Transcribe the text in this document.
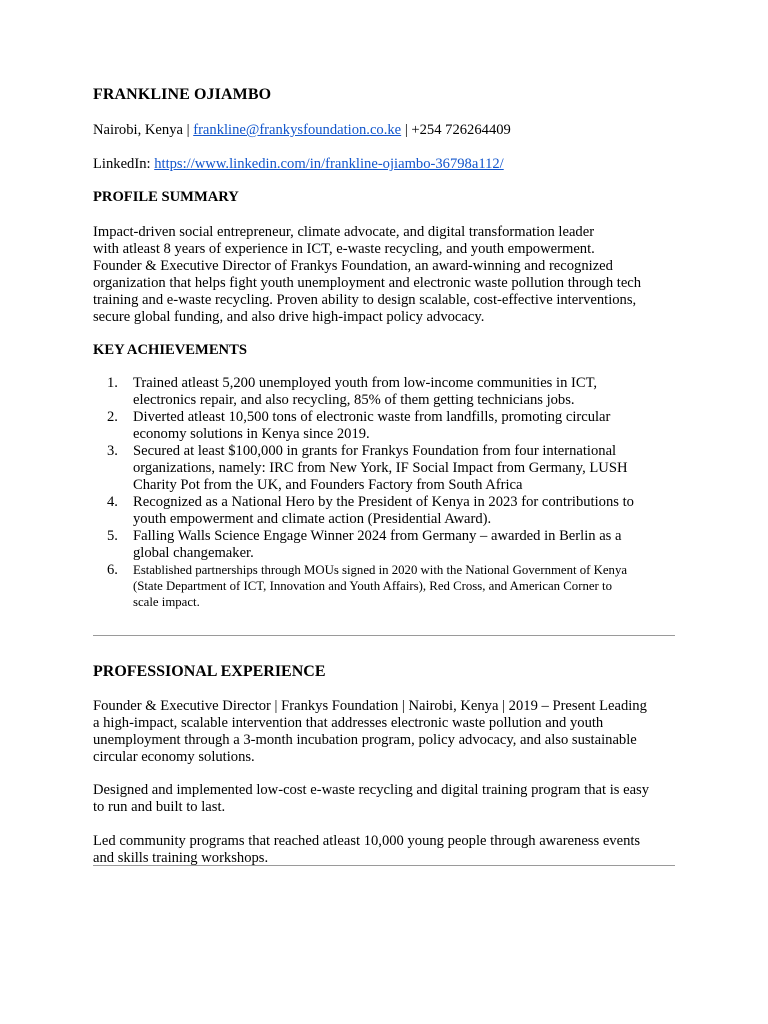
FRANKLINE OJIAMBO
Nairobi, Kenya | frankline@frankysfoundation.co.ke | +254 726264409
LinkedIn: https://www.linkedin.com/in/frankline-ojiambo-36798a112/
PROFILE SUMMARY

Impact-driven social entrepreneur, climate advocate, and digital transformation leader
with atleast 8 years of experience in ICT, e-waste recycling, and youth empowerment.
Founder & Executive Director of Frankys Foundation, an award-winning and recognized
organization that helps fight youth unemployment and electronic waste pollution through tech
training and e-waste recycling. Proven ability to design scalable, cost-effective interventions,
secure global funding, and also drive high-impact policy advocacy.

KEY ACHIEVEMENTS
1. Trained atleast 5,200 unemployed youth from low-income communities in ICT,
electronics repair, and also recycling, 85% of them getting technicians jobs.
2. Diverted atleast 10,500 tons of electronic waste from landfills, promoting circular
economy solutions in Kenya since 2019.
3. Secured at least $100,000 in grants for Frankys Foundation from four international
organizations, namely: IRC from New York, IF Social Impact from Germany, LUSH
Charity Pot from the UK, and Founders Factory from South Africa
4. Recognized as a National Hero by the President of Kenya in 2023 for contributions to
youth empowerment and climate action (Presidential Award).
5. Falling Walls Science Engage Winner 2024 from Germany – awarded in Berlin as a
global changemaker.
6. Established partnerships through MOUs signed in 2020 with the National Government of Kenya
(State Department of ICT, Innovation and Youth Affairs), Red Cross, and American Corner to
scale impact.
PROFESSIONAL EXPERIENCE

Founder & Executive Director | Frankys Foundation | Nairobi, Kenya | 2019 – Present Leading
a high-impact, scalable intervention that addresses electronic waste pollution and youth
unemployment through a 3-month incubation program, policy advocacy, and also sustainable
circular economy solutions.

Designed and implemented low-cost e-waste recycling and digital training program that is easy
to run and built to last.

Led community programs that reached atleast 10,000 young people through awareness events
and skills training workshops.
